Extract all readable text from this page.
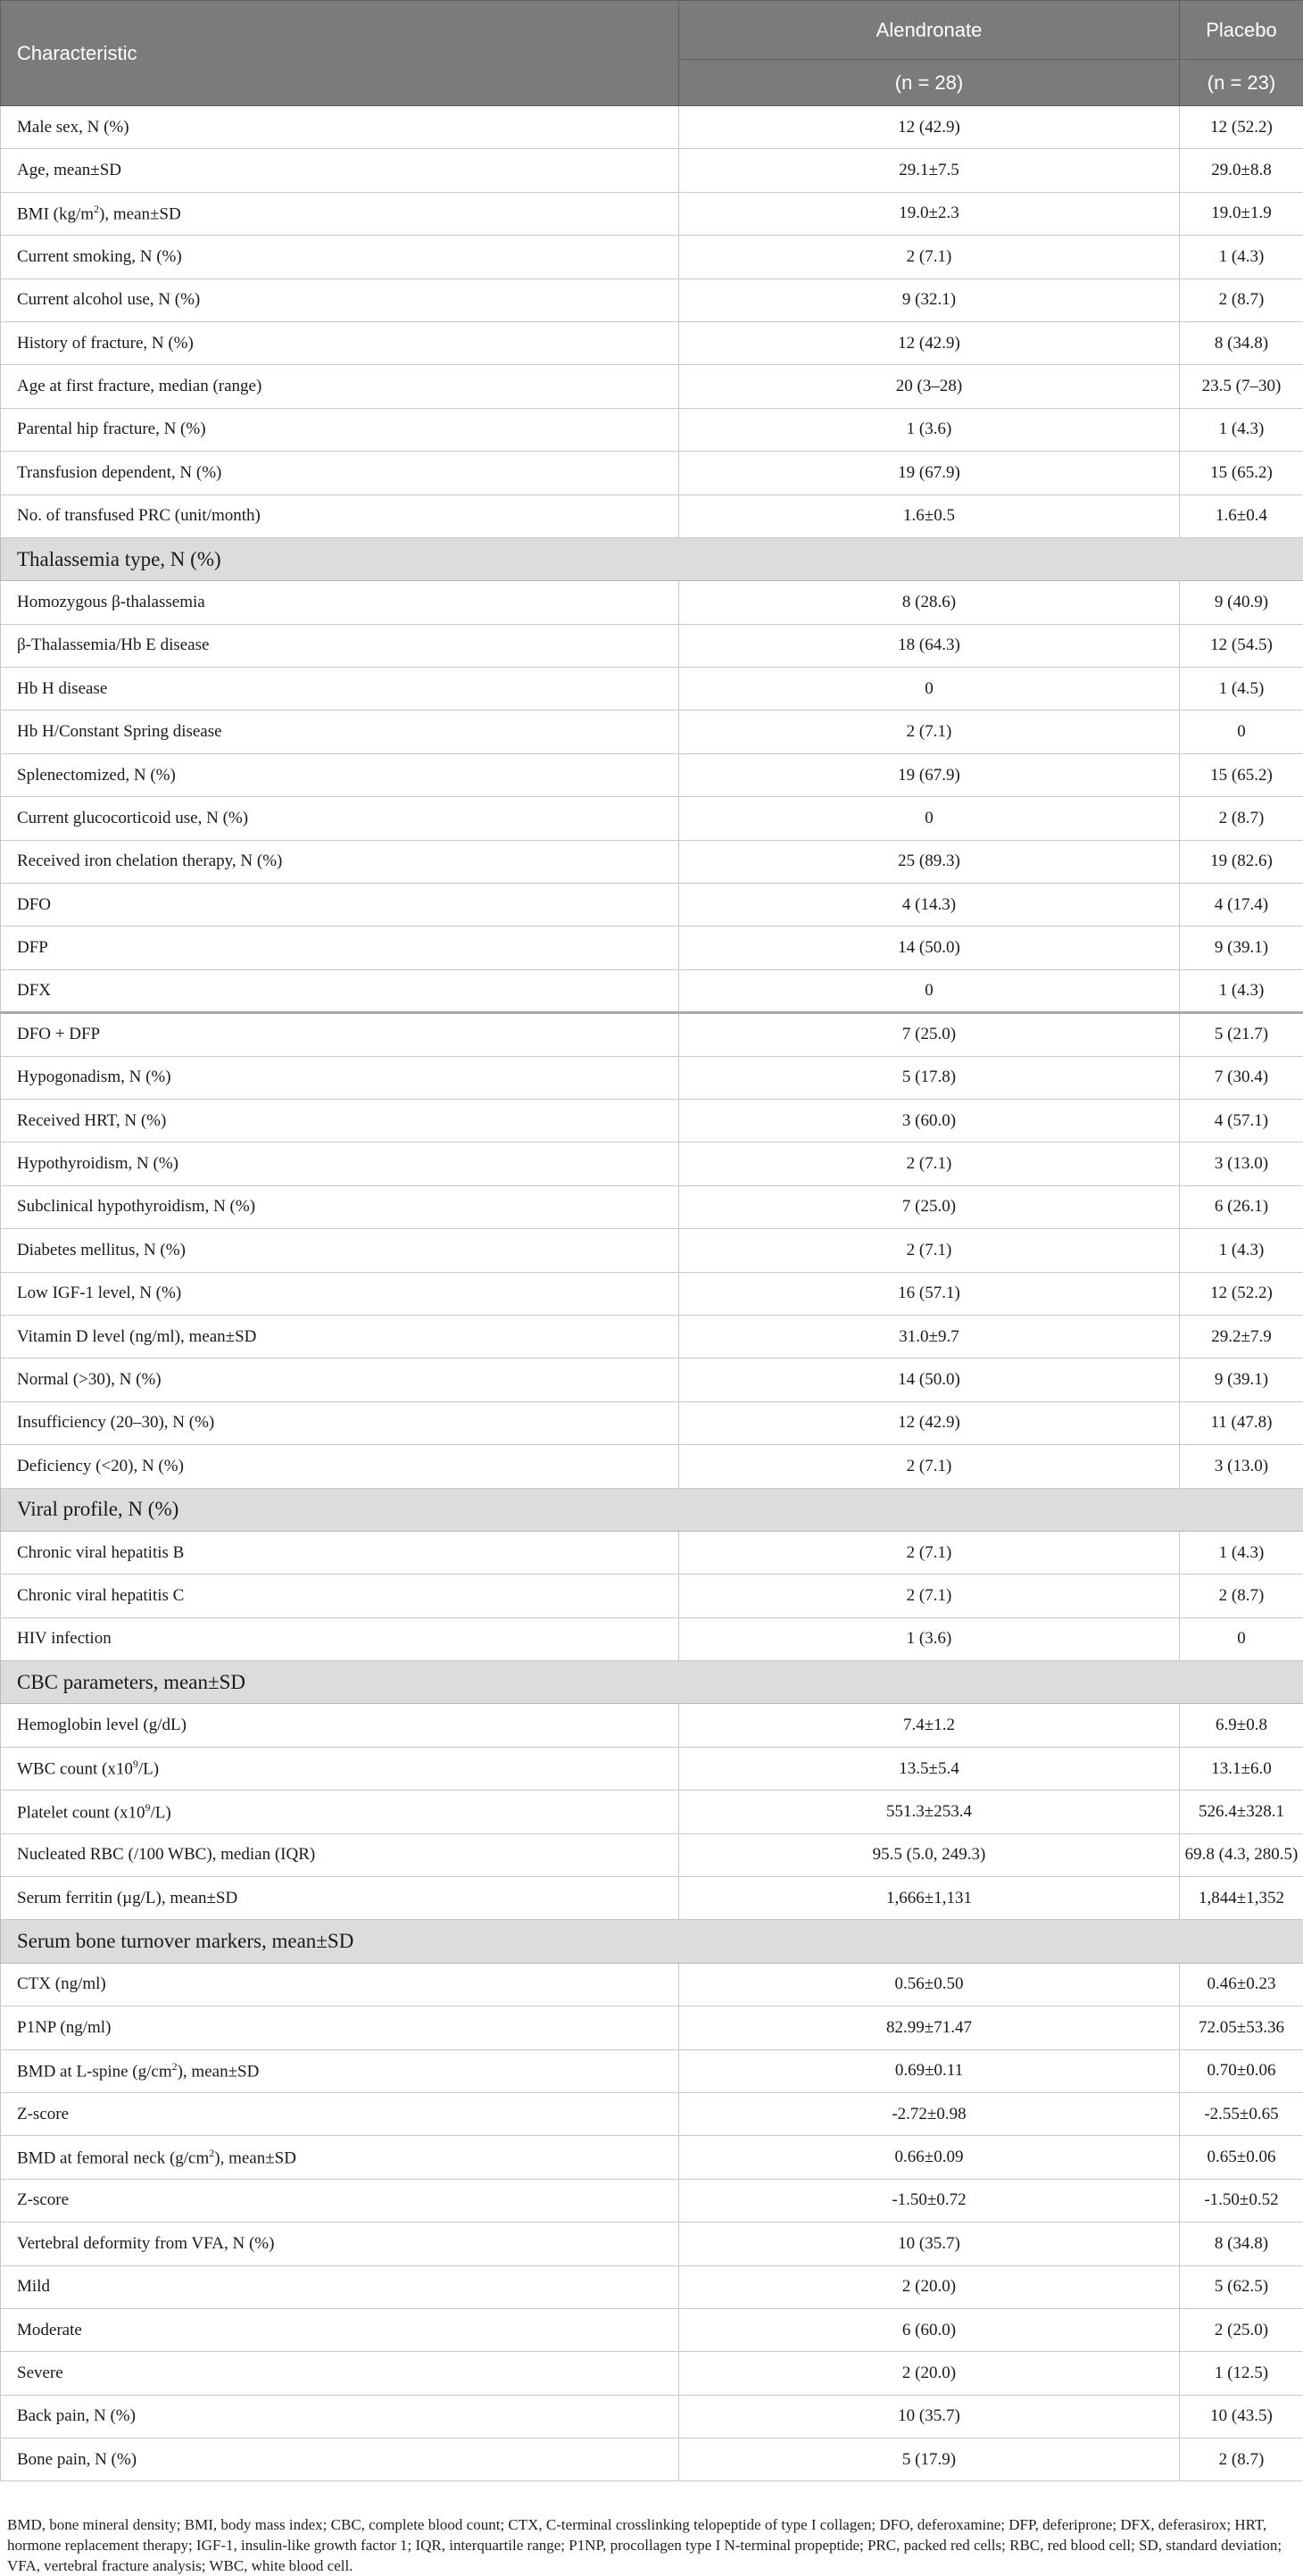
Characteristic	Alendronate	Placebo
	(n = 28)	(n = 23)
Male sex, N (%)	12 (42.9)	12 (52.2)
Age, mean±SD	29.1±7.5	29.0±8.8
BMI $(kg/m^2)$, mean±SD	19.0±2.3	19.0±1.9
Current smoking, N (%)	2 (7.1)	1 (4.3)
Current alcohol use, N (%)	9 (32.1)	2 (8.7)
History of fracture, N (%)	12 (42.9)	8 (34.8)
Age at first fracture, median (range)	20 (3–28)	23.5 (7–30)
Parental hip fracture, N (%)	1 (3.6)	1 (4.3)
Transfusion dependent, N (%)	19 (67.9)	15 (65.2)
No. of transfused PRC (unit/month)	1.6±0.5	1.6±0.4
Thalassemia type, N (%)		
Homozygous β-thalassemia	8 (28.6)	9 (40.9)
β-Thalassemia/Hb E disease	18 (64.3)	12 (54.5)
Hb H disease	0	1 (4.5)
Hb H/Constant Spring disease	2 (7.1)	0
Splenectomized, N (%)	19 (67.9)	15 (65.2)
Current glucocorticoid use, N (%)	0	2 (8.7)
Received iron chelation therapy, N (%)	25 (89.3)	19 (82.6)
DFO	4 (14.3)	4 (17.4)
DFP	14 (50.0)	9 (39.1)
DFX	0	1 (4.3)
DFO + DFP	7 (25.0)	5 (21.7)
Hypogonadism, N (%)	5 (17.8)	7 (30.4)
Received HRT, N (%)	3 (60.0)	4 (57.1)
Hypothyroidism, N (%)	2 (7.1)	3 (13.0)
Subclinical hypothyroidism, N (%)	7 (25.0)	6 (26.1)
Diabetes mellitus, N (%)	2 (7.1)	1 (4.3)
Low IGF-1 level, N (%)	16 (57.1)	12 (52.2)
Vitamin D level (ng/ml), mean±SD	31.0±9.7	29.2±7.9
Normal (>30), N (%)	14 (50.0)	9 (39.1)
Insufficiency (20–30), N (%)	12 (42.9)	11 (47.8)
Deficiency (<20), N (%)	2 (7.1)	3 (13.0)
Viral profile, N (%)		
Chronic viral hepatitis B	2 (7.1)	1 (4.3)
Chronic viral hepatitis C	2 (7.1)	2 (8.7)
HIV infection	1 (3.6)	0
CBC parameters, mean±SD		
Hemoglobin level (g/dL)	7.4±1.2	6.9±0.8
WBC count $(x10^9/L)$	13.5±5.4	13.1±6.0
Platelet count $(x10^9/L)$	551.3±253.4	526.4±328.1
Nucleated RBC (/100 WBC), median (IQR)	95.5 (5.0, 249.3)	69.8 (4.3, 280.5)
Serum ferritin (µg/L), mean±SD	1,666±1,131	1,844±1,352
Serum bone turnover markers, mean±SD		
CTX (ng/ml)	0.56±0.50	0.46±0.23
P1NP (ng/ml)	82.99±71.47	72.05±53.36
BMD at L-spine $(g/cm^2)$, mean±SD	0.69±0.11	0.70±0.06
Z-score	-2.72±0.98	-2.55±0.65
BMD at femoral neck $(g/cm^2)$, mean±SD	0.66±0.09	0.65±0.06
Z-score	-1.50±0.72	-1.50±0.52
Vertebral deformity from VFA, N (%)	10 (35.7)	8 (34.8)
Mild	2 (20.0)	5 (62.5)
Moderate	6 (60.0)	2 (25.0)
Severe	2 (20.0)	1 (12.5)
Back pain, N (%)	10 (35.7)	10 (43.5)
Bone pain, N (%)	5 (17.9)	2 (8.7)
BMD, bone mineral density; BMI, body mass index; CBC, complete blood count; CTX, C-terminal crosslinking telopeptide of type I collagen; DFO, deferoxamine; DFP, deferiprone; DFX, deferasirox; HRT, hormone replacement therapy; IGF-1, insulin-like growth factor 1; IQR, interquartile range; P1NP, procollagen type I N-terminal propeptide; PRC, packed red cells; RBC, red blood cell; SD, standard deviation; VFA, vertebral fracture analysis; WBC, white blood cell.
